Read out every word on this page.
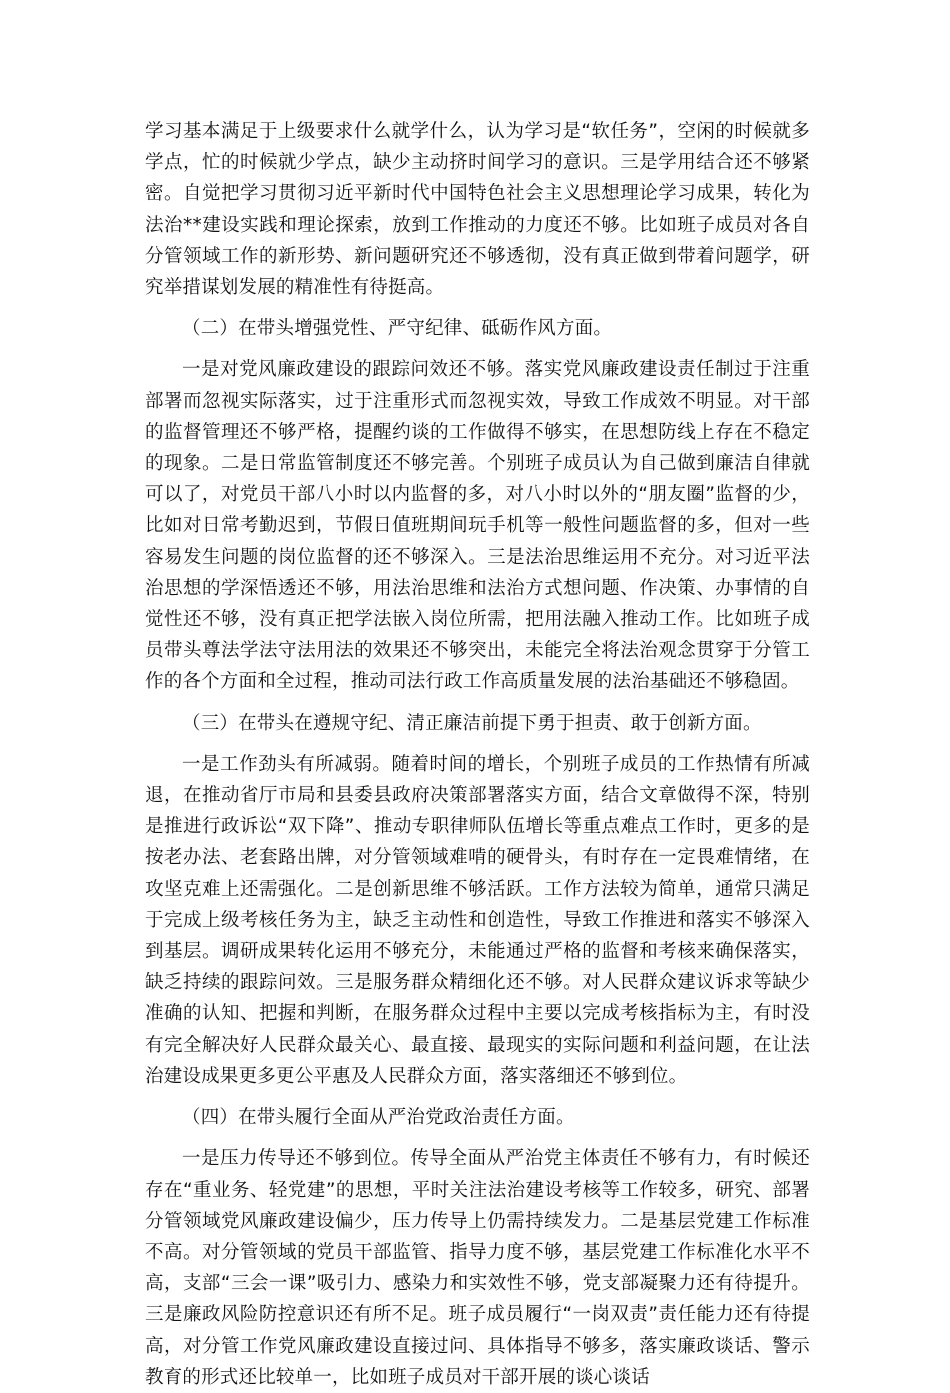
学习基本满足于上级要求什么就学什么，认为学习是“软任务”，空闲的时候就多学点，忙的时候就少学点，缺少主动挤时间学习的意识。三是学用结合还不够紧密。自觉把学习贯彻习近平新时代中国特色社会主义思想理论学习成果，转化为法治**建设实践和理论探索，放到工作推动的力度还不够。比如班子成员对各自分管领域工作的新形势、新问题研究还不够透彻，没有真正做到带着问题学，研究举措谋划发展的精准性有待挺高。

（二）在带头增强党性、严守纪律、砥砺作风方面。

一是对党风廉政建设的跟踪问效还不够。落实党风廉政建设责任制过于注重部署而忽视实际落实，过于注重形式而忽视实效，导致工作成效不明显。对干部的监督管理还不够严格，提醒约谈的工作做得不够实，在思想防线上存在不稳定的现象。二是日常监管制度还不够完善。个别班子成员认为自己做到廉洁自律就可以了，对党员干部八小时以内监督的多，对八小时以外的“朋友圈”监督的少，比如对日常考勤迟到，节假日值班期间玩手机等一般性问题监督的多，但对一些容易发生问题的岗位监督的还不够深入。三是法治思维运用不充分。对习近平法治思想的学深悟透还不够，用法治思维和法治方式想问题、作决策、办事情的自觉性还不够，没有真正把学法嵌入岗位所需，把用法融入推动工作。比如班子成员带头尊法学法守法用法的效果还不够突出，未能完全将法治观念贯穿于分管工作的各个方面和全过程，推动司法行政工作高质量发展的法治基础还不够稳固。

（三）在带头在遵规守纪、清正廉洁前提下勇于担责、敢于创新方面。

一是工作劲头有所减弱。随着时间的增长，个别班子成员的工作热情有所减退，在推动省厅市局和县委县政府决策部署落实方面，结合文章做得不深，特别是推进行政诉讼“双下降”、推动专职律师队伍增长等重点难点工作时，更多的是按老办法、老套路出牌，对分管领域难啃的硬骨头，有时存在一定畏难情绪，在攻坚克难上还需强化。二是创新思维不够活跃。工作方法较为简单，通常只满足于完成上级考核任务为主，缺乏主动性和创造性，导致工作推进和落实不够深入到基层。调研成果转化运用不够充分，未能通过严格的监督和考核来确保落实，缺乏持续的跟踪问效。三是服务群众精细化还不够。对人民群众建议诉求等缺少准确的认知、把握和判断，在服务群众过程中主要以完成考核指标为主，有时没有完全解决好人民群众最关心、最直接、最现实的实际问题和利益问题，在让法治建设成果更多更公平惠及人民群众方面，落实落细还不够到位。

（四）在带头履行全面从严治党政治责任方面。

一是压力传导还不够到位。传导全面从严治党主体责任不够有力，有时候还存在“重业务、轻党建”的思想，平时关注法治建设考核等工作较多，研究、部署分管领域党风廉政建设偏少，压力传导上仍需持续发力。二是基层党建工作标准不高。对分管领域的党员干部监管、指导力度不够，基层党建工作标准化水平不高，支部“三会一课”吸引力、感染力和实效性不够，党支部凝聚力还有待提升。三是廉政风险防控意识还有所不足。班子成员履行“一岗双责”责任能力还有待提高，对分管工作党风廉政建设直接过问、具体指导不够多，落实廉政谈话、警示教育的形式还比较单一，比如班子成员对干部开展的谈心谈话
